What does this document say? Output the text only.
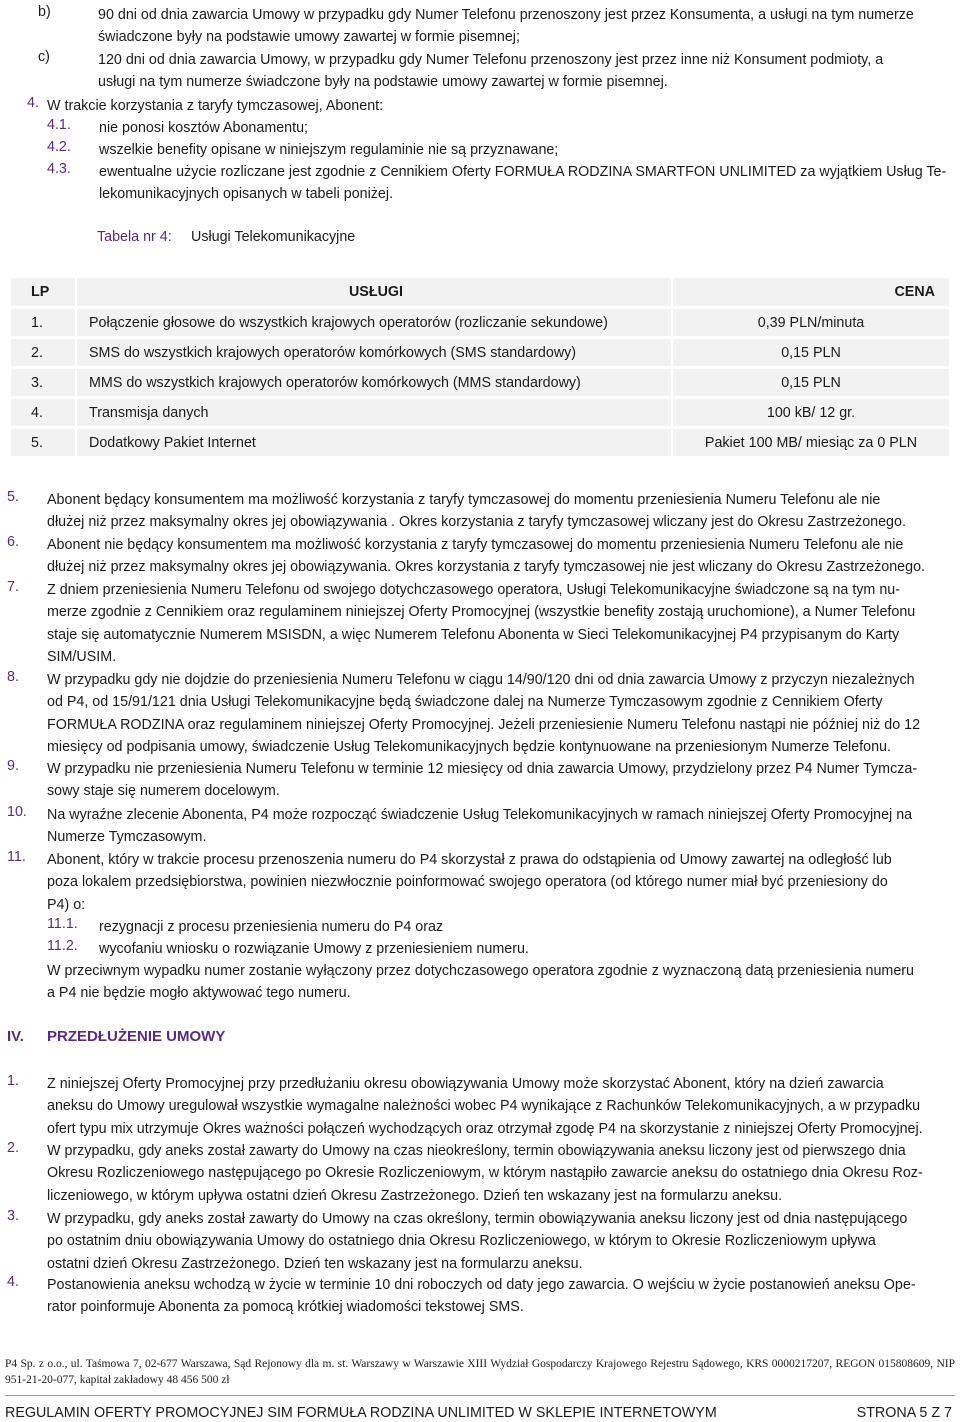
b)	90 dni od dnia zawarcia Umowy w przypadku gdy Numer Telefonu przenoszony jest przez Konsumenta, a usługi na tym numerze
świadczone były na podstawie umowy zawartej w formie pisemnej;
c)	120 dni od dnia zawarcia Umowy, w przypadku gdy Numer Telefonu przenoszony jest przez inne niż Konsument podmioty, a
usługi na tym numerze świadczone były na podstawie umowy zawartej w formie pisemnej.
4. W trakcie korzystania z taryfy tymczasowej, Abonent:
4.1. nie ponosi kosztów Abonamentu;
4.2. wszelkie benefity opisane w niniejszym regulaminie nie są przyznawane;
4.3. ewentualne użycie rozliczane jest zgodnie z Cennikiem Oferty FORMUŁA RODZINA SMARTFON UNLIMITED za wyjątkiem Usług Te-
lekomunikacyjnych opisanych w tabeli poniżej.
Tabela nr 4: Usługi Telekomunikacyjne
LP	USŁUGI	CENA
1.	Połączenie głosowe do wszystkich krajowych operatorów (rozliczanie sekundowe)	0,39 PLN/minuta
2.	SMS do wszystkich krajowych operatorów komórkowych (SMS standardowy)	0,15 PLN
3.	MMS do wszystkich krajowych operatorów komórkowych (MMS standardowy)	0,15 PLN
4.	Transmisja danych	100 kB/ 12 gr.
5.	Dodatkowy Pakiet Internet	Pakiet 100 MB/ miesiąc za 0 PLN
5. Abonent będący konsumentem ma możliwość korzystania z taryfy tymczasowej do momentu przeniesienia Numeru Telefonu ale nie
dłużej niż przez maksymalny okres jej obowiązywania . Okres korzystania z taryfy tymczasowej wliczany jest do Okresu Zastrzeżonego.
6. Abonent nie będący konsumentem ma możliwość korzystania z taryfy tymczasowej do momentu przeniesienia Numeru Telefonu ale nie
dłużej niż przez maksymalny okres jej obowiązywania. Okres korzystania z taryfy tymczasowej nie jest wliczany do Okresu Zastrzeżonego.
7. Z dniem przeniesienia Numeru Telefonu od swojego dotychczasowego operatora, Usługi Telekomunikacyjne świadczone są na tym nu-
merze zgodnie z Cennikiem oraz regulaminem niniejszej Oferty Promocyjnej (wszystkie benefity zostają uruchomione), a Numer Telefonu
staje się automatycznie Numerem MSISDN, a więc Numerem Telefonu Abonenta w Sieci Telekomunikacyjnej P4 przypisanym do Karty
SIM/USIM.
8. W przypadku gdy nie dojdzie do przeniesienia Numeru Telefonu w ciągu 14/90/120 dni od dnia zawarcia Umowy z przyczyn niezależnych
od P4, od 15/91/121 dnia Usługi Telekomunikacyjne będą świadczone dalej na Numerze Tymczasowym zgodnie z Cennikiem Oferty
FORMUŁA RODZINA oraz regulaminem niniejszej Oferty Promocyjnej. Jeżeli przeniesienie Numeru Telefonu nastąpi nie później niż do 12
miesięcy od podpisania umowy, świadczenie Usług Telekomunikacyjnych będzie kontynuowane na przeniesionym Numerze Telefonu.
9. W przypadku nie przeniesienia Numeru Telefonu w terminie 12 miesięcy od dnia zawarcia Umowy, przydzielony przez P4 Numer Tymcza-
sowy staje się numerem docelowym.
10. Na wyraźne zlecenie Abonenta, P4 może rozpocząć świadczenie Usług Telekomunikacyjnych w ramach niniejszej Oferty Promocyjnej na
Numerze Tymczasowym.
11. Abonent, który w trakcie procesu przenoszenia numeru do P4 skorzystał z prawa do odstąpienia od Umowy zawartej na odległość lub
poza lokalem przedsiębiorstwa, powinien niezwłocznie poinformować swojego operatora (od którego numer miał być przeniesiony do
P4) o:
11.1. rezygnacji z procesu przeniesienia numeru do P4 oraz
11.2. wycofaniu wniosku o rozwiązanie Umowy z przeniesieniem numeru.
W przeciwnym wypadku numer zostanie wyłączony przez dotychczasowego operatora zgodnie z wyznaczoną datą przeniesienia numeru
a P4 nie będzie mogło aktywować tego numeru.
IV. PRZEDŁUŻENIE UMOWY
1. Z niniejszej Oferty Promocyjnej przy przedłużaniu okresu obowiązywania Umowy może skorzystać Abonent, który na dzień zawarcia
aneksu do Umowy uregulował wszystkie wymagalne należności wobec P4 wynikające z Rachunków Telekomunikacyjnych, a w przypadku
ofert typu mix utrzymuje Okres ważności połączeń wychodzących oraz otrzymał zgodę P4 na skorzystanie z niniejszej Oferty Promocyjnej.
2. W przypadku, gdy aneks został zawarty do Umowy na czas nieokreślony, termin obowiązywania aneksu liczony jest od pierwszego dnia
Okresu Rozliczeniowego następującego po Okresie Rozliczeniowym, w którym nastąpiło zawarcie aneksu do ostatniego dnia Okresu Roz-
liczeniowego, w którym upływa ostatni dzień Okresu Zastrzeżonego. Dzień ten wskazany jest na formularzu aneksu.
3. W przypadku, gdy aneks został zawarty do Umowy na czas określony, termin obowiązywania aneksu liczony jest od dnia następującego
po ostatnim dniu obowiązywania Umowy do ostatniego dnia Okresu Rozliczeniowego, w którym to Okresie Rozliczeniowym upływa
ostatni dzień Okresu Zastrzeżonego. Dzień ten wskazany jest na formularzu aneksu.
4. Postanowienia aneksu wchodzą w życie w terminie 10 dni roboczych od daty jego zawarcia. O wejściu w życie postanowień aneksu Ope-
rator poinformuje Abonenta za pomocą krótkiej wiadomości tekstowej SMS.
P4 Sp. z o.o., ul. Taśmowa 7, 02-677 Warszawa, Sąd Rejonowy dla m. st. Warszawy w Warszawie XIII Wydział Gospodarczy Krajowego Rejestru Sądowego, KRS 0000217207, REGON 015808609, NIP 951-21-20-077, kapitał zakładowy 48 456 500 zł
REGULAMIN OFERTY PROMOCYJNEJ SIM FORMUŁA RODZINA UNLIMITED W SKLEPIE INTERNETOWYM	STRONA 5 Z 7
